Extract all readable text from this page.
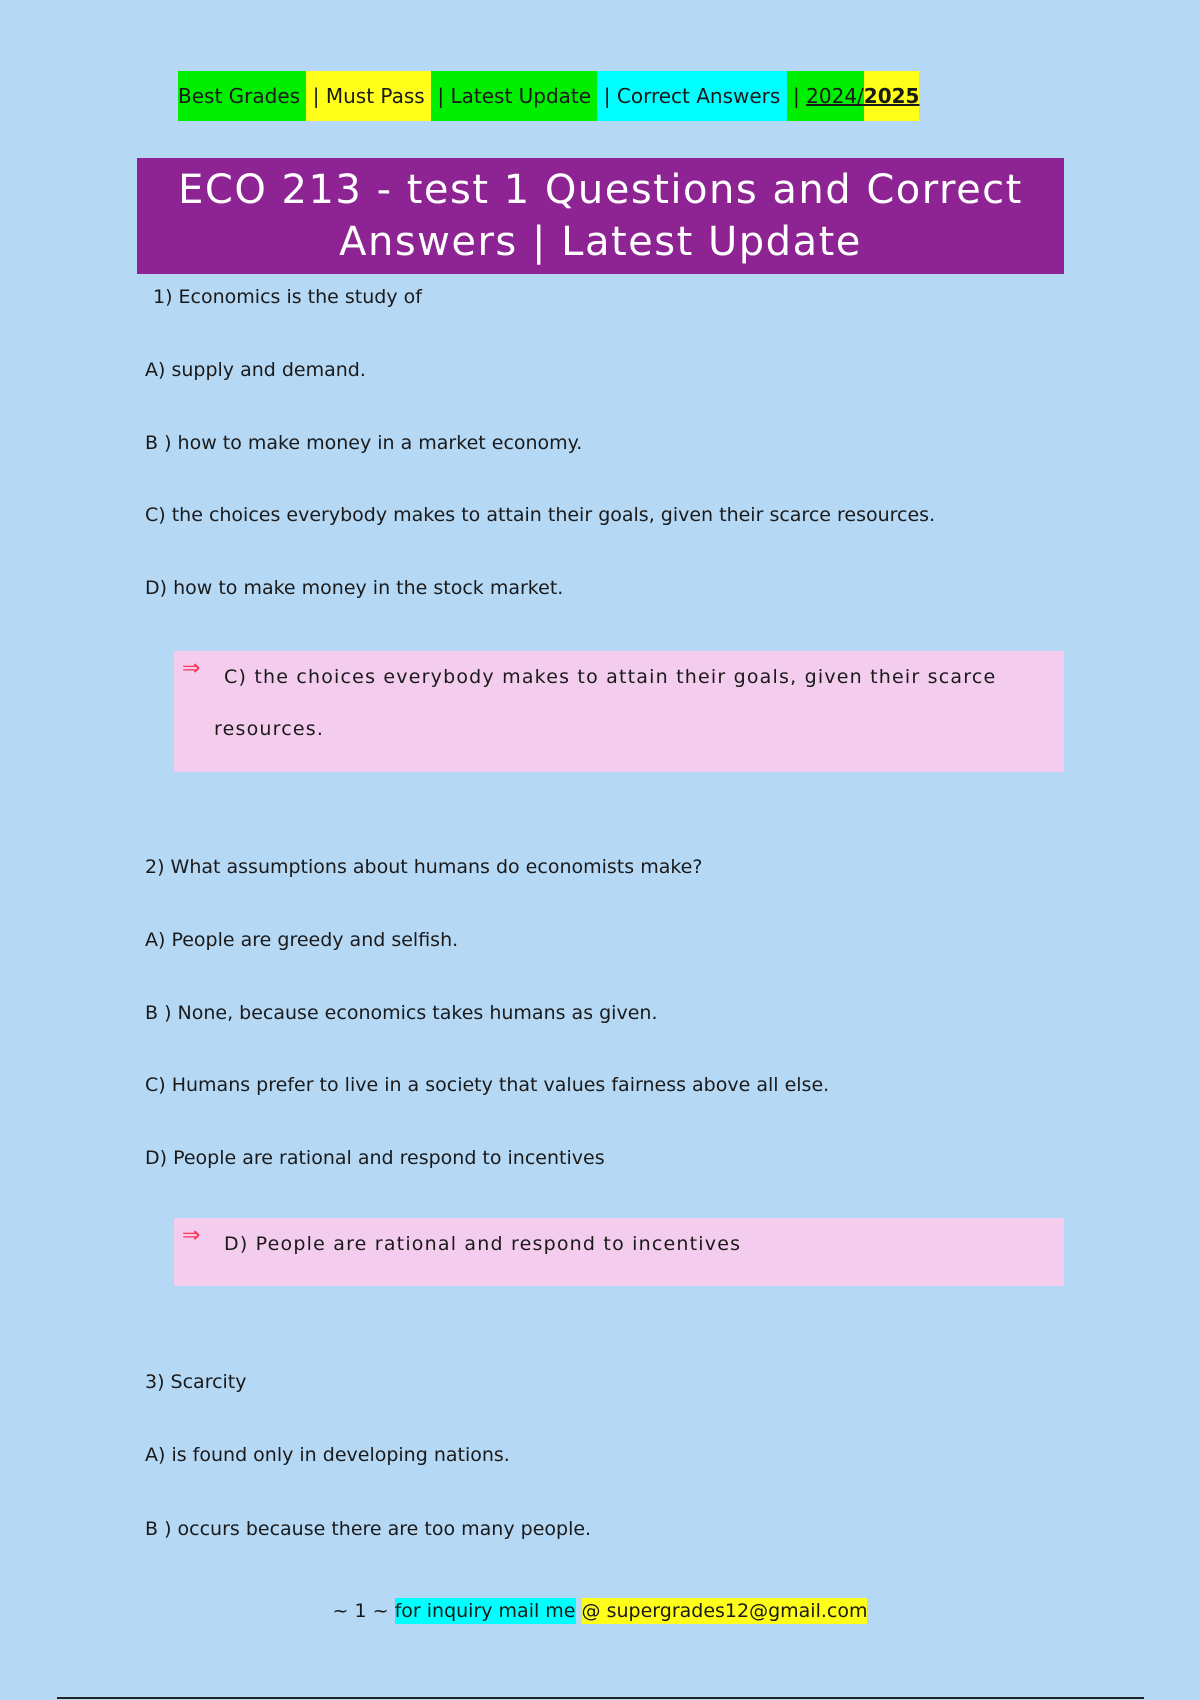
Best Grades | Must Pass | Latest Update | Correct Answers | 2024/ 2025
ECO 213 - test 1 Questions and Correct Answers | Latest Update
1) Economics is the study of
A) supply and demand.
B ) how to make money in a market economy.
C) the choices everybody makes to attain their goals, given their scarce resources.
D) how to make money in the stock market.
⇒	C) the choices everybody makes to attain their goals, given their scarce resources.
2) What assumptions about humans do economists make?
A) People are greedy and selfish.
B ) None, because economics takes humans as given.
C) Humans prefer to live in a society that values fairness above all else.
D) People are rational and respond to incentives
⇒ D) People are rational and respond to incentives
3) Scarcity
A) is found only in developing nations.
B ) occurs because there are too many people.
~ 1 ~ for inquiry mail me @ supergrades12@gmail.com
